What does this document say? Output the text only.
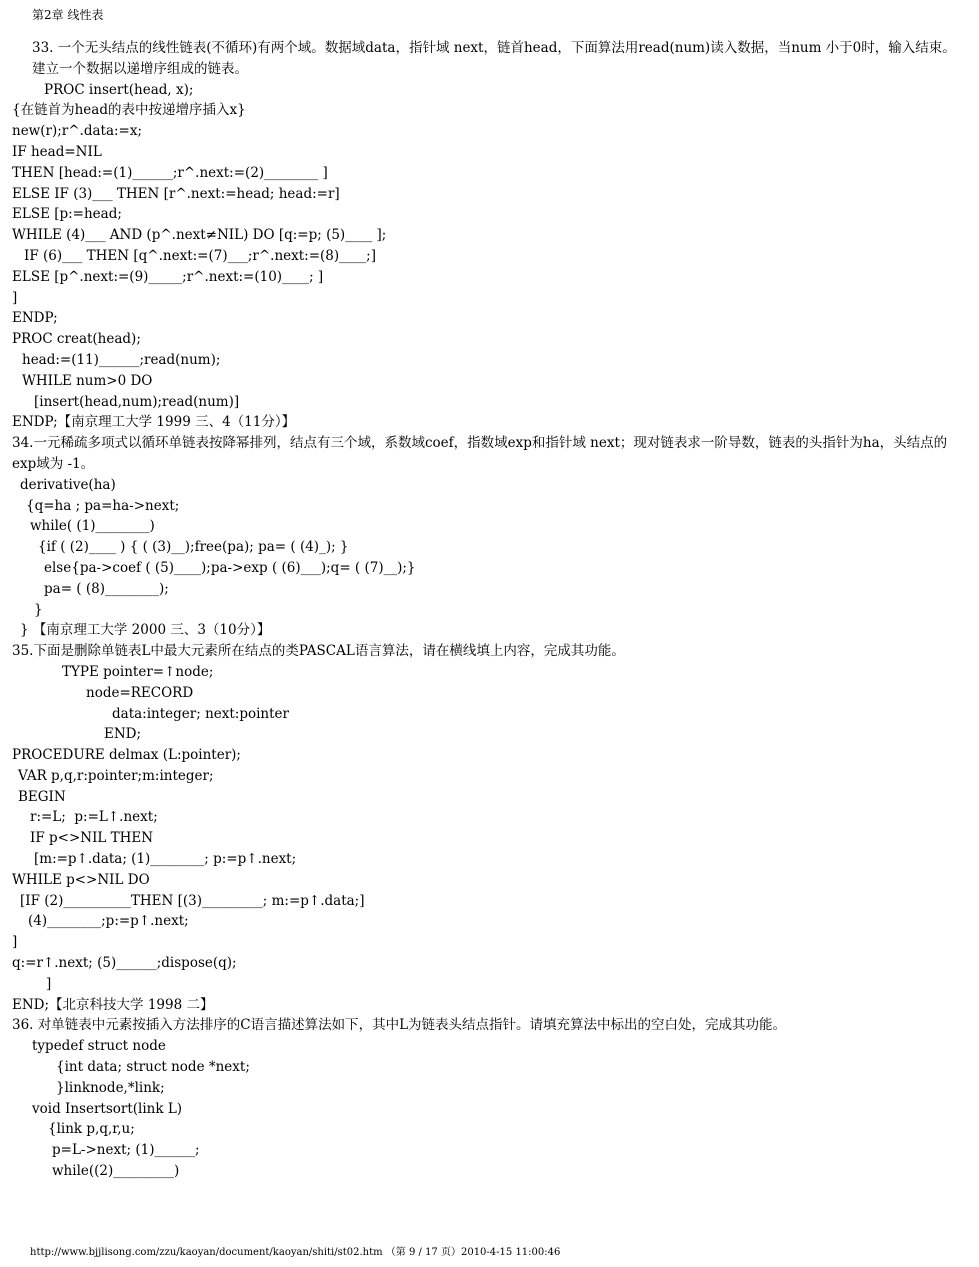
第2章 线性表
33. 一个无头结点的线性链表(不循环)有两个域。数据域data，指针域 next，链首head，下面算法用read(num)读入数据，当num 小于0时，输入结束。建立一个数据以递增序组成的链表。
PROC insert(head, x);
{在链首为head的表中按递增序插入x}
new(r);r^.data:=x;
IF head=NIL
THEN [head:=(1)______;r^.next:=(2)________ ]
ELSE IF (3)___ THEN [r^.next:=head; head:=r]
ELSE [p:=head;
WHILE (4)___ AND (p^.next≠NIL) DO [q:=p; (5)____ ];
IF (6)___ THEN [q^.next:=(7)___;r^.next:=(8)____;]
ELSE [p^.next:=(9)_____;r^.next:=(10)____; ]
]
ENDP;
PROC creat(head);
head:=(11)______;read(num);
WHILE num>0 DO
[insert(head,num);read(num)]
ENDP;【南京理工大学 1999 三、4（11分）】
34.一元稀疏多项式以循环单链表按降幂排列，结点有三个域，系数域coef，指数域exp和指针域 next；现对链表求一阶导数，链表的头指针为ha，头结点的exp域为 -1。
derivative(ha)
{q=ha ; pa=ha->next;
while( (1)________)
{if ( (2)____ ) { ( (3)__);free(pa); pa= ( (4)_); }
else{pa->coef ( (5)____);pa->exp ( (6)___);q= ( (7)__);}
pa= ( (8)________);
}
} 【南京理工大学 2000 三、3（10分）】
35.下面是删除单链表L中最大元素所在结点的类PASCAL语言算法，请在横线填上内容，完成其功能。
TYPE pointer=↑node;
node=RECORD
data:integer; next:pointer
END;
PROCEDURE delmax (L:pointer);
VAR p,q,r:pointer;m:integer;
BEGIN
r:=L;  p:=L↑.next;
IF p<>NIL THEN
[m:=p↑.data; (1)________; p:=p↑.next;
WHILE p<>NIL DO
[IF (2)__________THEN [(3)_________; m:=p↑.data;]
(4)________;p:=p↑.next;
]
q:=r↑.next; (5)______;dispose(q);
]
END;【北京科技大学 1998 二】
36. 对单链表中元素按插入方法排序的C语言描述算法如下，其中L为链表头结点指针。请填充算法中标出的空白处，完成其功能。
typedef struct node
{int data; struct node *next;
}linknode,*link;
void Insertsort(link L)
{link p,q,r,u;
p=L->next; (1)______;
while((2)_________)
http://www.bjjlisong.com/zzu/kaoyan/document/kaoyan/shiti/st02.htm （第 9 / 17 页）2010-4-15 11:00:46
